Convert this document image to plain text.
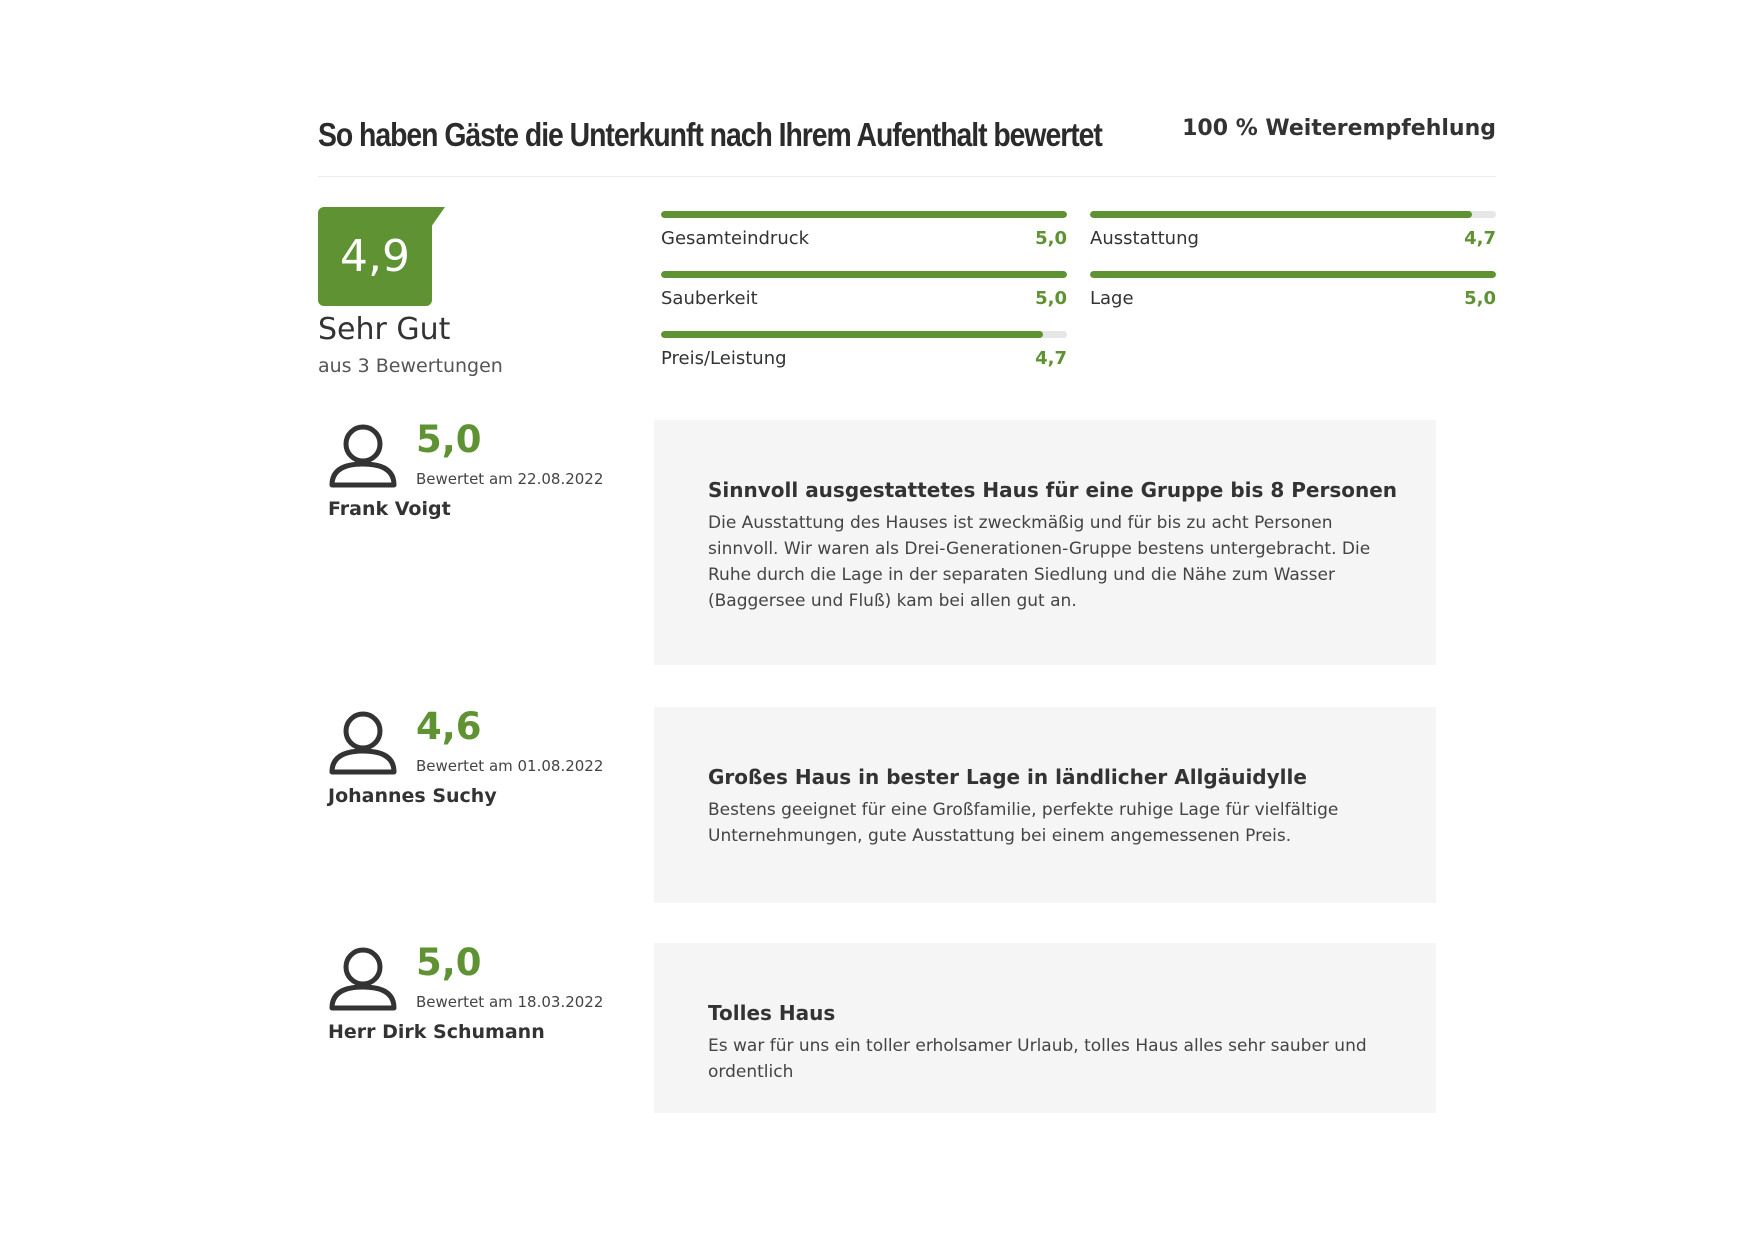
So haben Gäste die Unterkunft nach Ihrem Aufenthalt bewertet	100 % Weiterempfehlung
4,9
Sehr Gut
aus 3 Bewertungen
Gesamteindruck	5,0 Ausstattung	4,7
Sauberkeit	5,0 Lage	5,0
Preis/Leistung	4,7
5,0
Bewertet am 22.08.2022
Frank Voigt

Sinnvoll ausgestattetes Haus für eine Gruppe bis 8 Personen

Die Ausstattung des Hauses ist zweckmäßig und für bis zu acht Personen sinnvoll. Wir waren als Drei-Generationen-Gruppe bestens untergebracht. Die Ruhe durch die Lage in der separaten Siedlung und die Nähe zum Wasser (Baggersee und Fluß) kam bei allen gut an.

4,6
Bewertet am 01.08.2022
Johannes Suchy

Großes Haus in bester Lage in ländlicher Allgäuidylle

Bestens geeignet für eine Großfamilie, perfekte ruhige Lage für vielfältige Unternehmungen, gute Ausstattung bei einem angemessenen Preis.

5,0
Bewertet am 18.03.2022
Herr Dirk Schumann

Tolles Haus

Es war für uns ein toller erholsamer Urlaub, tolles Haus alles sehr sauber und ordentlich
